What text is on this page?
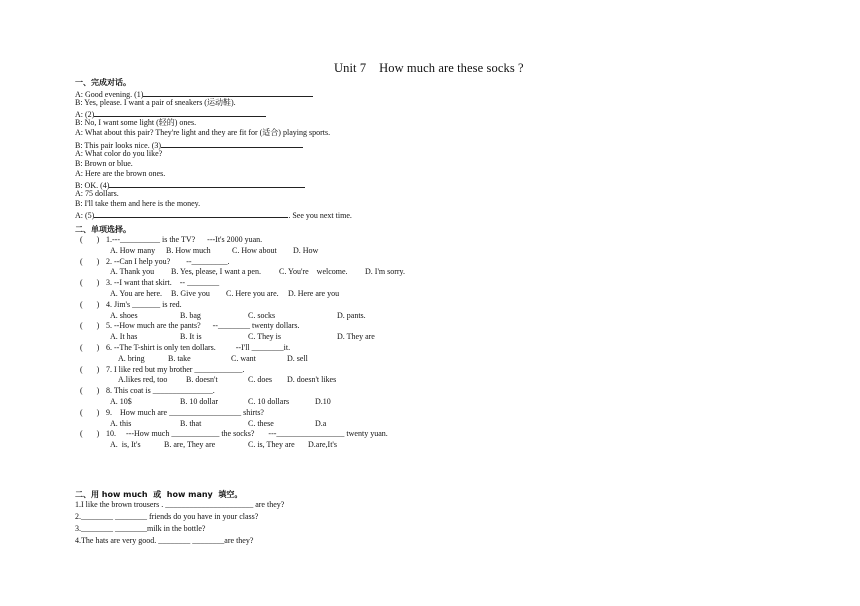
Unit 7    How much are these socks ?
一、完成对话。
A: Good evening. (1)
B: Yes, please. I want a pair of sneakers (运动鞋).
A: (2)
B: No, I want some light (轻的) ones.
A: What about this pair? They're light and they are fit for (适合) playing sports.
B: This pair looks nice. (3)
A: What color do you like?
B: Brown or blue.
A: Here are the brown ones.
B: OK. (4)
A: 75 dollars.
B: I'll take them and here is the money.
A: (5)	. See you next time.
二、单项选择。
(       ) 1.---__________ is the TV?      ---It's 2000 yuan.
A. How many B. How much	C. How about D. How
(       ) 2. --Can I help you?        --_________.
A. Thank you B. Yes, please, I want a pen. C. You're    welcome. D. I'm sorry.
(       ) 3. --I want that skirt.    -- ________
A. You are here. B. Give you C. Here you are. D. Here are you
(       ) 4. Jim's _______ is red.
A. shoes	B. bag	C. socks	D. pants.
(       ) 5. --How much are the pants?      --________ twenty dollars.
A. It has	B. It is	C. They is	D. They are
(       ) 6. --The T-shirt is only ten dollars.          --I'll ________it.
A. bring	B. take	C. want	D. sell
(       ) 7. I like red but my brother ____________.
A.likes red, too B. doesn't	C. does D. doesn't likes
(       ) 8. This coat is _______________.
A. 10$	B. 10 dollar	C. 10 dollars	D.10
(       ) 9.    How much are __________________ shirts?
A. this	B. that	C. these	D.a
(       ) 10.     ---How much ____________ the socks?       ---_________________ twenty yuan.
A.  is, It's	B. are, They are	C. is, They are D.are,It's
二、用 how much  或  how many  填空。
1.I like the brown trousers . ______________________ are they?
2.________ ________ friends do you have in your class?
3.________ ________milk in the bottle?
4.The hats are very good. ________ ________are they?
